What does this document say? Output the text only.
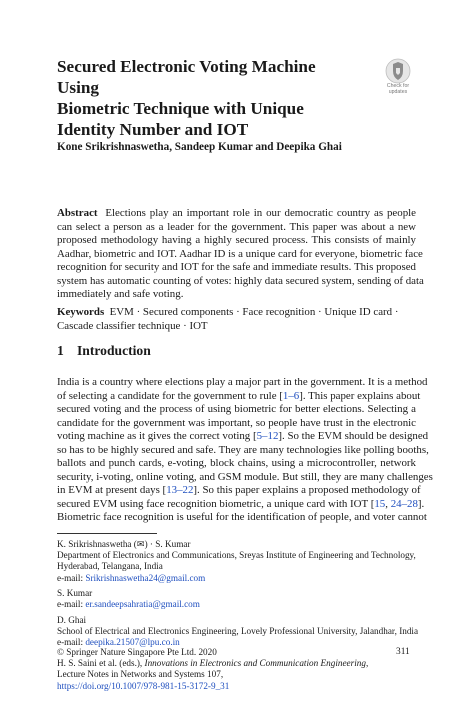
Secured Electronic Voting Machine Using
Biometric Technique with Unique
Identity Number and IOT
Check for
updates
Kone Srikrishnaswetha, Sandeep Kumar and Deepika Ghai

Abstract Elections play an important role in our democratic country as people

can select a person as a leader for the government. This paper was about a new

proposed methodology having a highly secured process. This consists of mainly

Aadhar, biometric and IOT. Aadhar ID is a unique card for everyone, biometric face

recognition for security and IOT for the safe and immediate results. This proposed

system has automatic counting of votes: highly data secured system, sending of data

immediately and safe voting.

Keywords EVM · Secured components · Face recognition · Unique ID card ·

Cascade classifier technique · IOT

1 Introduction

India is a country where elections play a major part in the government. It is a method

of selecting a candidate for the government to rule [1–6]. This paper explains about

secured voting and the process of using biometric for better elections. Selecting a

candidate for the government was important, so people have trust in the electronic

voting machine as it gives the correct voting [5–12]. So the EVM should be designed

so has to be highly secured and safe. They are many technologies like polling booths,

ballots and punch cards, e-voting, block chains, using a microcontroller, network

security, i-voting, online voting, and GSM module. But still, they are many challenges

in EVM at present days [13–22]. So this paper explains a proposed methodology of

secured EVM using face recognition biometric, a unique card with IOT [15, 24–28].

Biometric face recognition is useful for the identification of people, and voter cannot

K. Srikrishnaswetha (✉) · S. Kumar

Department of Electronics and Communications, Sreyas Institute of Engineering and Technology,

Hyderabad, Telangana, India

e-mail: Srikrishnaswetha24@gmail.com

S. Kumar

e-mail: er.sandeepsahratia@gmail.com

D. Ghai

School of Electrical and Electronics Engineering, Lovely Professional University, Jalandhar, India

e-mail: deepika.21507@lpu.co.in

© Springer Nature Singapore Pte Ltd. 2020

H. S. Saini et al. (eds.), Innovations in Electronics and Communication Engineering,

Lecture Notes in Networks and Systems 107,

https://doi.org/10.1007/978-981-15-3172-9_31

311
